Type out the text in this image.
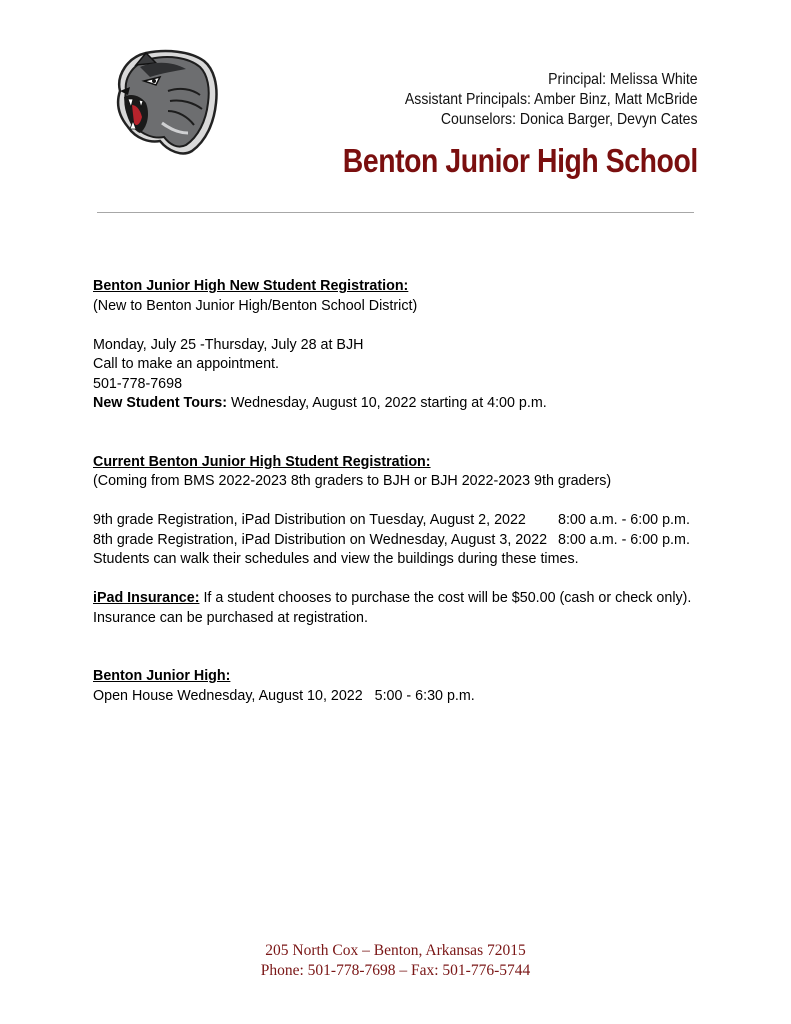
Principal: Melissa White
Assistant Principals: Amber Binz, Matt McBride
Counselors: Donica Barger, Devyn Cates
Benton Junior High School
Benton Junior High New Student Registration:
(New to Benton Junior High/Benton School District)
Monday, July 25 -Thursday, July 28 at BJH
Call to make an appointment.
501-778-7698
New Student Tours: Wednesday, August 10, 2022 starting at 4:00 p.m.
Current Benton Junior High Student Registration:
(Coming from BMS 2022-2023 8th graders to BJH or BJH 2022-2023 9th graders)
9th grade Registration, iPad Distribution on Tuesday, August 2, 2022 8:00 a.m. - 6:00 p.m.
8th grade Registration, iPad Distribution on Wednesday, August 3, 2022 8:00 a.m. - 6:00 p.m.
Students can walk their schedules and view the buildings during these times.
iPad Insurance: If a student chooses to purchase the cost will be $50.00 (cash or check only).
Insurance can be purchased at registration.
Benton Junior High:
Open House Wednesday, August 10, 2022   5:00 - 6:30 p.m.
205 North Cox – Benton, Arkansas 72015
Phone: 501-778-7698 – Fax: 501-776-5744
